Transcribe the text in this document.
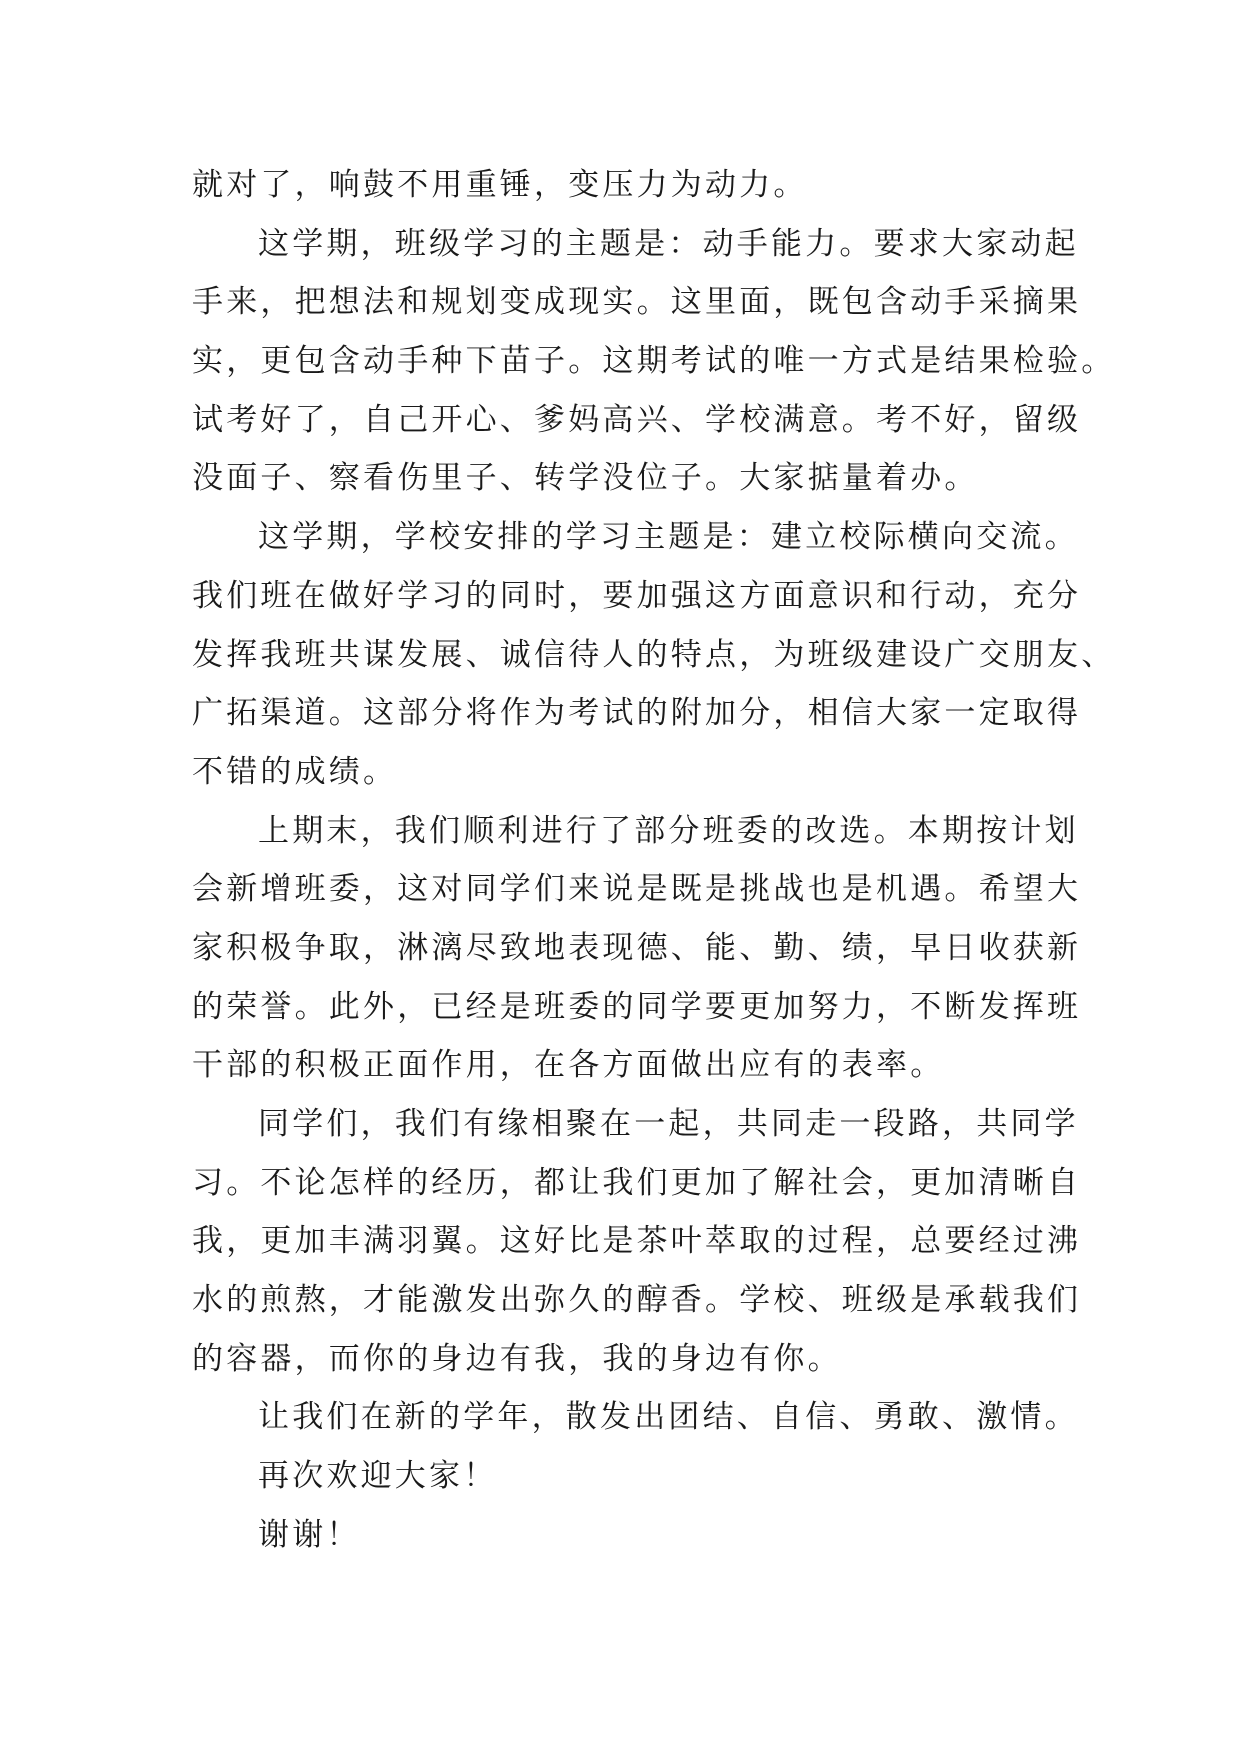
就对了，响鼓不用重锤，变压力为动力。
这学期，班级学习的主题是：动手能力。要求大家动起
手来，把想法和规划变成现实。这里面，既包含动手采摘果
实，更包含动手种下苗子。这期考试的唯一方式是结果检验。
试考好了，自己开心、爹妈高兴、学校满意。考不好，留级
没面子、察看伤里子、转学没位子。大家掂量着办。
这学期，学校安排的学习主题是：建立校际横向交流。
我们班在做好学习的同时，要加强这方面意识和行动，充分
发挥我班共谋发展、诚信待人的特点，为班级建设广交朋友、
广拓渠道。这部分将作为考试的附加分，相信大家一定取得
不错的成绩。
上期末，我们顺利进行了部分班委的改选。本期按计划
会新增班委，这对同学们来说是既是挑战也是机遇。希望大
家积极争取，淋漓尽致地表现德、能、勤、绩，早日收获新
的荣誉。此外，已经是班委的同学要更加努力，不断发挥班
干部的积极正面作用，在各方面做出应有的表率。
同学们，我们有缘相聚在一起，共同走一段路，共同学
习。不论怎样的经历，都让我们更加了解社会，更加清晰自
我，更加丰满羽翼。这好比是茶叶萃取的过程，总要经过沸
水的煎熬，才能激发出弥久的醇香。学校、班级是承载我们
的容器，而你的身边有我，我的身边有你。
让我们在新的学年，散发出团结、自信、勇敢、激情。
再次欢迎大家！
谢谢！
